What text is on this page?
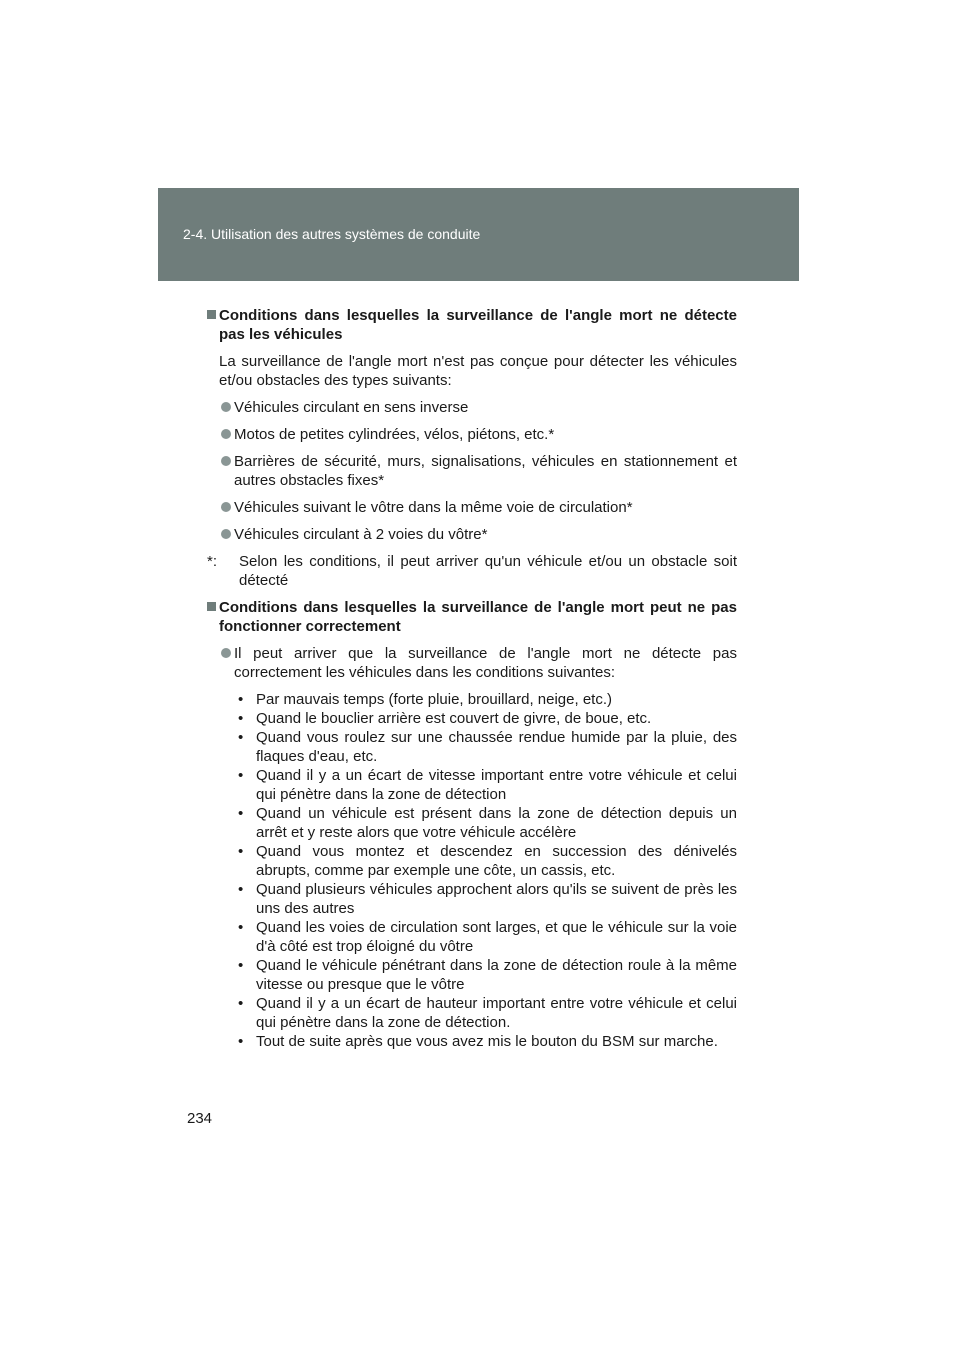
2-4. Utilisation des autres systèmes de conduite
Conditions dans lesquelles la surveillance de l'angle mort ne détecte pas les véhicules
La surveillance de l'angle mort n'est pas conçue pour détecter les véhicules et/ou obstacles des types suivants:
Véhicules circulant en sens inverse
Motos de petites cylindrées, vélos, piétons, etc.*
Barrières de sécurité, murs, signalisations, véhicules en stationnement et autres obstacles fixes*
Véhicules suivant le vôtre dans la même voie de circulation*
Véhicules circulant à 2 voies du vôtre*
*: Selon les conditions, il peut arriver qu'un véhicule et/ou un obstacle soit détecté
Conditions dans lesquelles la surveillance de l'angle mort peut ne pas fonctionner correctement
Il peut arriver que la surveillance de l'angle mort ne détecte pas correctement les véhicules dans les conditions suivantes:
• Par mauvais temps (forte pluie, brouillard, neige, etc.)
• Quand le bouclier arrière est couvert de givre, de boue, etc.
• Quand vous roulez sur une chaussée rendue humide par la pluie, des flaques d'eau, etc.
• Quand il y a un écart de vitesse important entre votre véhicule et celui qui pénètre dans la zone de détection
• Quand un véhicule est présent dans la zone de détection depuis un arrêt et y reste alors que votre véhicule accélère
• Quand vous montez et descendez en succession des dénivelés abrupts, comme par exemple une côte, un cassis, etc.
• Quand plusieurs véhicules approchent alors qu'ils se suivent de près les uns des autres
• Quand les voies de circulation sont larges, et que le véhicule sur la voie d'à côté est trop éloigné du vôtre
• Quand le véhicule pénétrant dans la zone de détection roule à la même vitesse ou presque que le vôtre
• Quand il y a un écart de hauteur important entre votre véhicule et celui qui pénètre dans la zone de détection.
• Tout de suite après que vous avez mis le bouton du BSM sur marche.
234
